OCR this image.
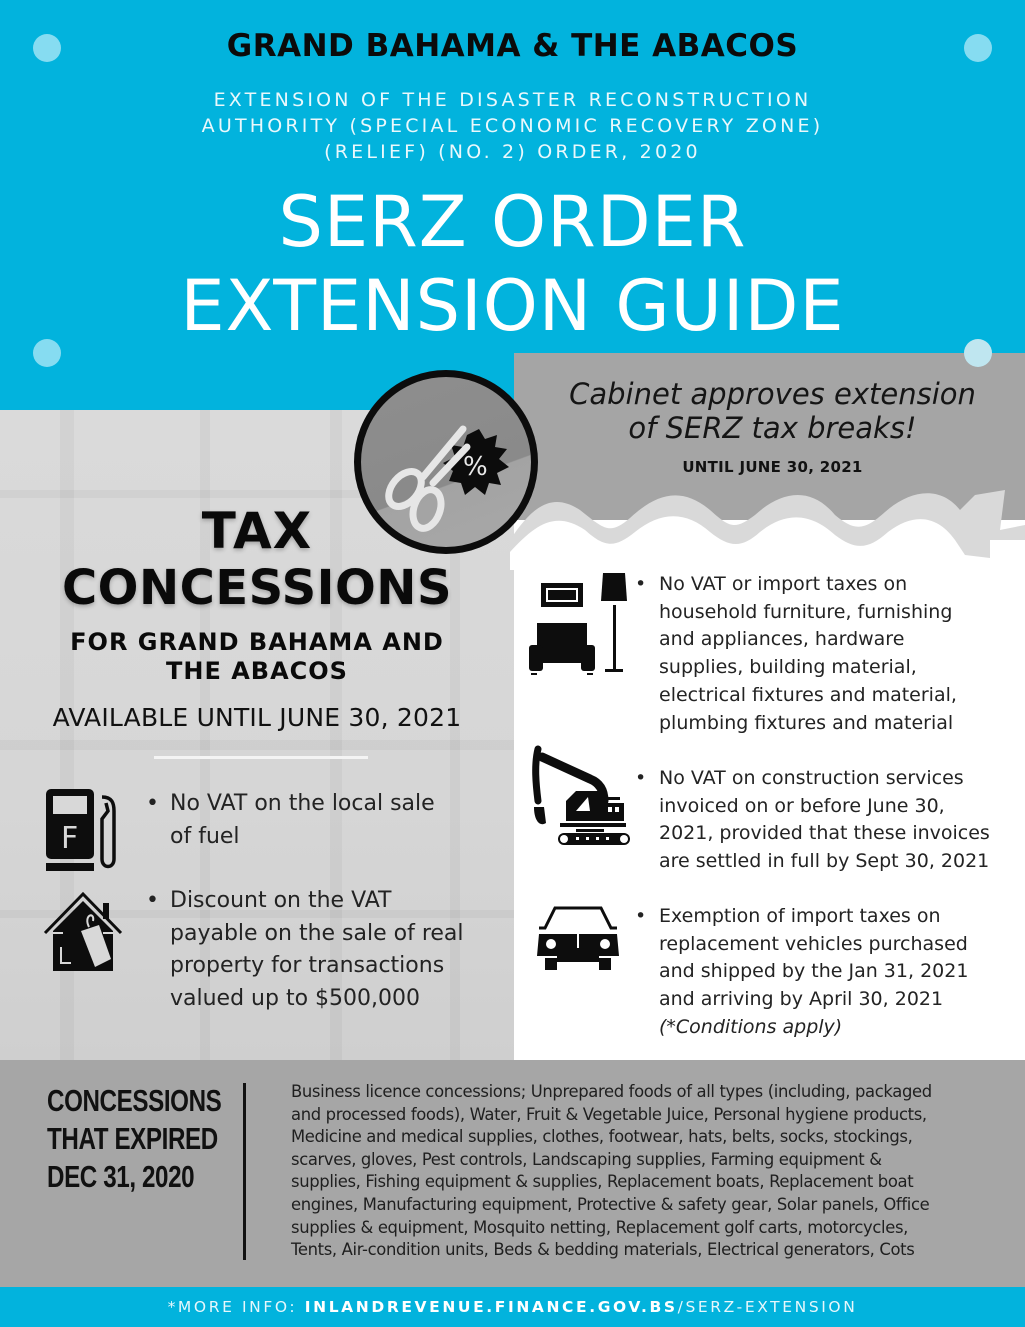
GRAND BAHAMA & THE ABACOS
EXTENSION OF THE DISASTER RECONSTRUCTION
AUTHORITY (SPECIAL ECONOMIC RECOVERY ZONE)
(RELIEF) (NO. 2) ORDER, 2020
SERZ ORDER
EXTENSION GUIDE
Cabinet approves extension
of SERZ tax breaks!
UNTIL JUNE 30, 2021
%
TAX
CONCESSIONS
FOR GRAND BAHAMA AND
THE ABACOS
AVAILABLE UNTIL JUNE 30, 2021
F
• No VAT on the local sale
of fuel
• Discount on the VAT
payable on the sale of real
property for transactions
valued up to $500,000
• No VAT or import taxes on
household furniture, furnishing
and appliances, hardware
supplies, building material,
electrical fixtures and material,
plumbing fixtures and material
• No VAT on construction services
invoiced on or before June 30,
2021, provided that these invoices
are settled in full by Sept 30, 2021
• Exemption of import taxes on
replacement vehicles purchased
and shipped by the Jan 31, 2021
and arriving by April 30, 2021
(*Conditions apply)
CONCESSIONS
THAT EXPIRED
DEC 31, 2020
Business licence concessions; Unprepared foods of all types (including, packaged
and processed foods), Water, Fruit & Vegetable Juice, Personal hygiene products,
Medicine and medical supplies, clothes, footwear, hats, belts, socks, stockings,
scarves, gloves, Pest controls, Landscaping supplies, Farming equipment &
supplies, Fishing equipment & supplies, Replacement boats, Replacement boat
engines, Manufacturing equipment, Protective & safety gear, Solar panels, Office
supplies & equipment, Mosquito netting, Replacement golf carts, motorcycles,
Tents, Air-condition units, Beds & bedding materials, Electrical generators, Cots
*MORE INFO: INLANDREVENUE.FINANCE.GOV.BS/SERZ-EXTENSION
